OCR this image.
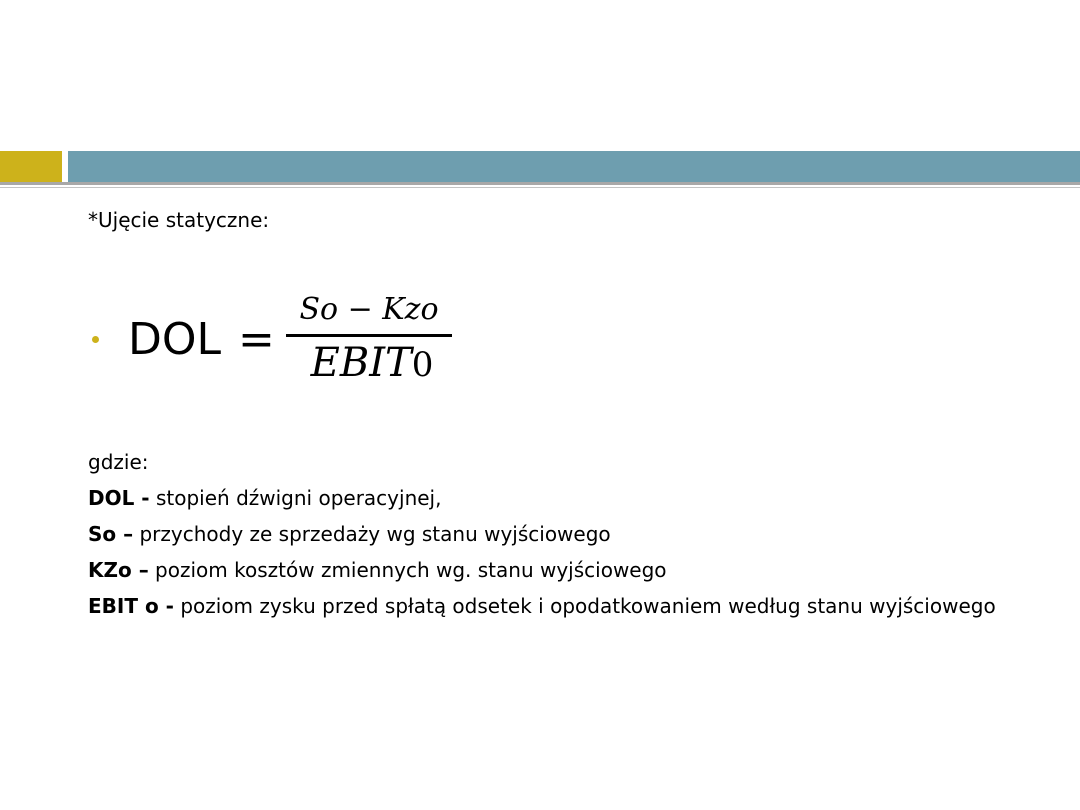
*Ujęcie statyczne:
DOL =
So − Kzo
EBIT0
gdzie:
DOL - stopień dźwigni operacyjnej,
So – przychody ze sprzedaży wg stanu wyjściowego
KZo – poziom kosztów zmiennych wg. stanu wyjściowego
EBIT o - poziom zysku przed spłatą odsetek i opodatkowaniem według stanu wyjściowego
